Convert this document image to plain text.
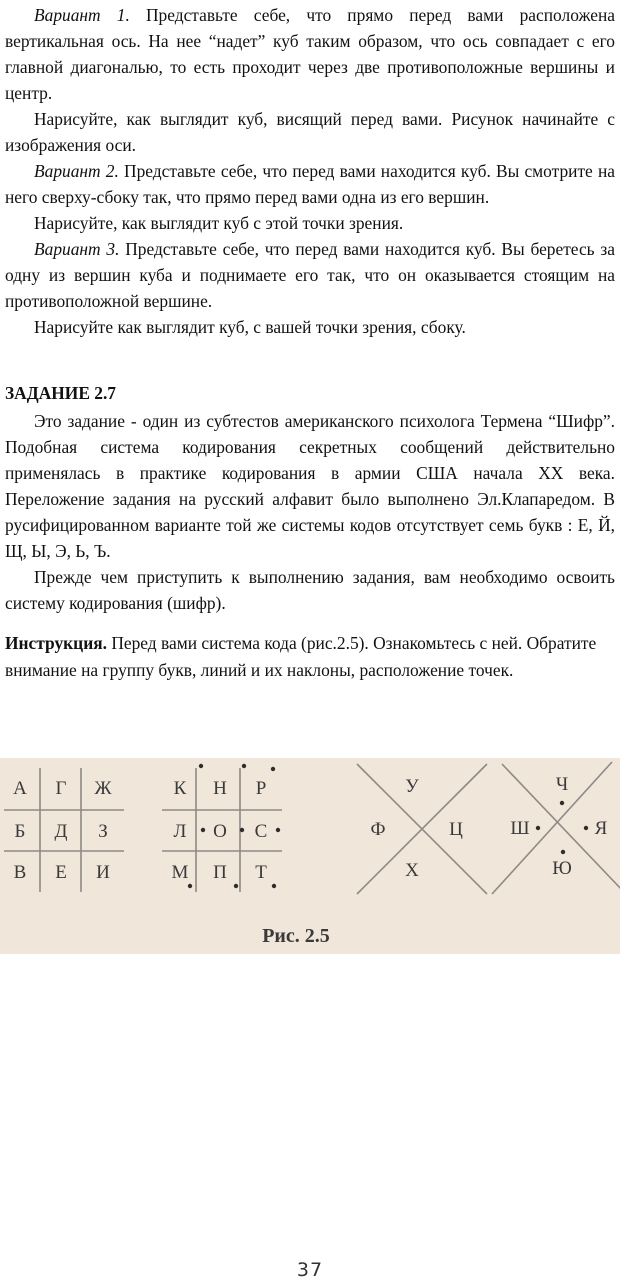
Вариант 1. Представьте себе, что прямо перед вами расположена вертикальная ось. На нее “надет” куб таким образом, что ось совпадает с его главной диагональю, то есть проходит через две противоположные вершины и центр.

Нарисуйте, как выглядит куб, висящий перед вами. Рисунок начинайте с изображения оси.

Вариант 2. Представьте себе, что перед вами находится куб. Вы смотрите на него сверху-сбоку так, что прямо перед вами одна из его вершин.

Нарисуйте, как выглядит куб с этой точки зрения.

Вариант 3. Представьте себе, что перед вами находится куб. Вы беретесь за одну из вершин куба и поднимаете его так, что он оказывается стоящим на противоположной вершине.

Нарисуйте как выглядит куб, с вашей точки зрения, сбоку.

ЗАДАНИЕ 2.7

Это задание - один из субтестов американского психолога Термена “Шифр”. Подобная система кодирования секретных сообщений действительно применялась в практике кодирования в армии США начала XX века. Переложение задания на русский алфавит было выполнено Эл.Клапаредом. В русифицированном варианте той же системы кодов отсутствует семь букв : Е, Й, Щ, Ы, Э, Ь, Ъ.

Прежде чем приступить к выполнению задания, вам необходимо освоить систему кодирования (шифр).

Инструкция. Перед вами система кода (рис.2.5). Ознакомьтесь с ней. Обратите внимание на группу букв, линий и их наклоны, расположение точек.

А Г Ж
Б Д З
В Е И
К Н Р
Л О С
М П Т
У
Ф	Ц
Х
Ч
Ш	Я
Ю
Рис. 2.5
37
